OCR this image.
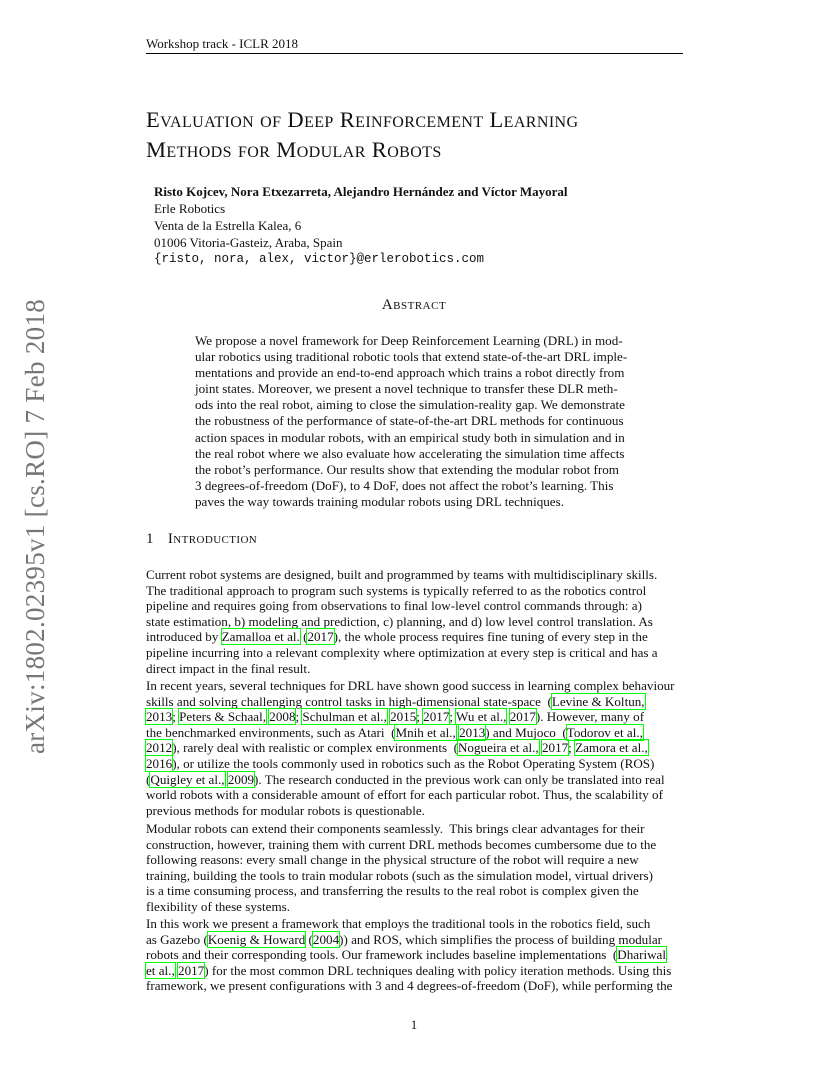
Workshop track - ICLR 2018
arXiv:1802.02395v1 [cs.RO] 7 Feb 2018
Evaluation of Deep Reinforcement Learning
Methods for Modular Robots
Risto Kojcev, Nora Etxezarreta, Alejandro Hernández and Víctor Mayoral
Erle Robotics
Venta de la Estrella Kalea, 6
01006 Vitoria-Gasteiz, Araba, Spain
{risto, nora, alex, victor}@erlerobotics.com
Abstract
We propose a novel framework for Deep Reinforcement Learning (DRL) in mod-
ular robotics using traditional robotic tools that extend state-of-the-art DRL imple-
mentations and provide an end-to-end approach which trains a robot directly from
joint states. Moreover, we present a novel technique to transfer these DLR meth-
ods into the real robot, aiming to close the simulation-reality gap. We demonstrate
the robustness of the performance of state-of-the-art DRL methods for continuous
action spaces in modular robots, with an empirical study both in simulation and in
the real robot where we also evaluate how accelerating the simulation time affects
the robot’s performance. Our results show that extending the modular robot from
3 degrees-of-freedom (DoF), to 4 DoF, does not affect the robot’s learning. This
paves the way towards training modular robots using DRL techniques.
1 Introduction
Current robot systems are designed, built and programmed by teams with multidisciplinary skills.
The traditional approach to program such systems is typically referred to as the robotics control
pipeline and requires going from observations to final low-level control commands through: a)
state estimation, b) modeling and prediction, c) planning, and d) low level control translation. As
introduced by Zamalloa et al. (2017), the whole process requires fine tuning of every step in the
pipeline incurring into a relevant complexity where optimization at every step is critical and has a
direct impact in the final result.
In recent years, several techniques for DRL have shown good success in learning complex behaviour
skills and solving challenging control tasks in high-dimensional state-space  (Levine & Koltun,
2013; Peters & Schaal, 2008; Schulman et al., 2015; 2017; Wu et al., 2017). However, many of
the benchmarked environments, such as Atari  (Mnih et al., 2013) and Mujoco  (Todorov et al.,
2012), rarely deal with realistic or complex environments  (Nogueira et al., 2017; Zamora et al.,
2016), or utilize the tools commonly used in robotics such as the Robot Operating System (ROS)
(Quigley et al., 2009). The research conducted in the previous work can only be translated into real
world robots with a considerable amount of effort for each particular robot. Thus, the scalability of
previous methods for modular robots is questionable.
Modular robots can extend their components seamlessly.  This brings clear advantages for their
construction, however, training them with current DRL methods becomes cumbersome due to the
following reasons: every small change in the physical structure of the robot will require a new
training, building the tools to train modular robots (such as the simulation model, virtual drivers)
is a time consuming process, and transferring the results to the real robot is complex given the
flexibility of these systems.
In this work we present a framework that employs the traditional tools in the robotics field, such
as Gazebo (Koenig & Howard (2004)) and ROS, which simplifies the process of building modular
robots and their corresponding tools. Our framework includes baseline implementations  (Dhariwal
et al., 2017) for the most common DRL techniques dealing with policy iteration methods. Using this
framework, we present configurations with 3 and 4 degrees-of-freedom (DoF), while performing the
1
